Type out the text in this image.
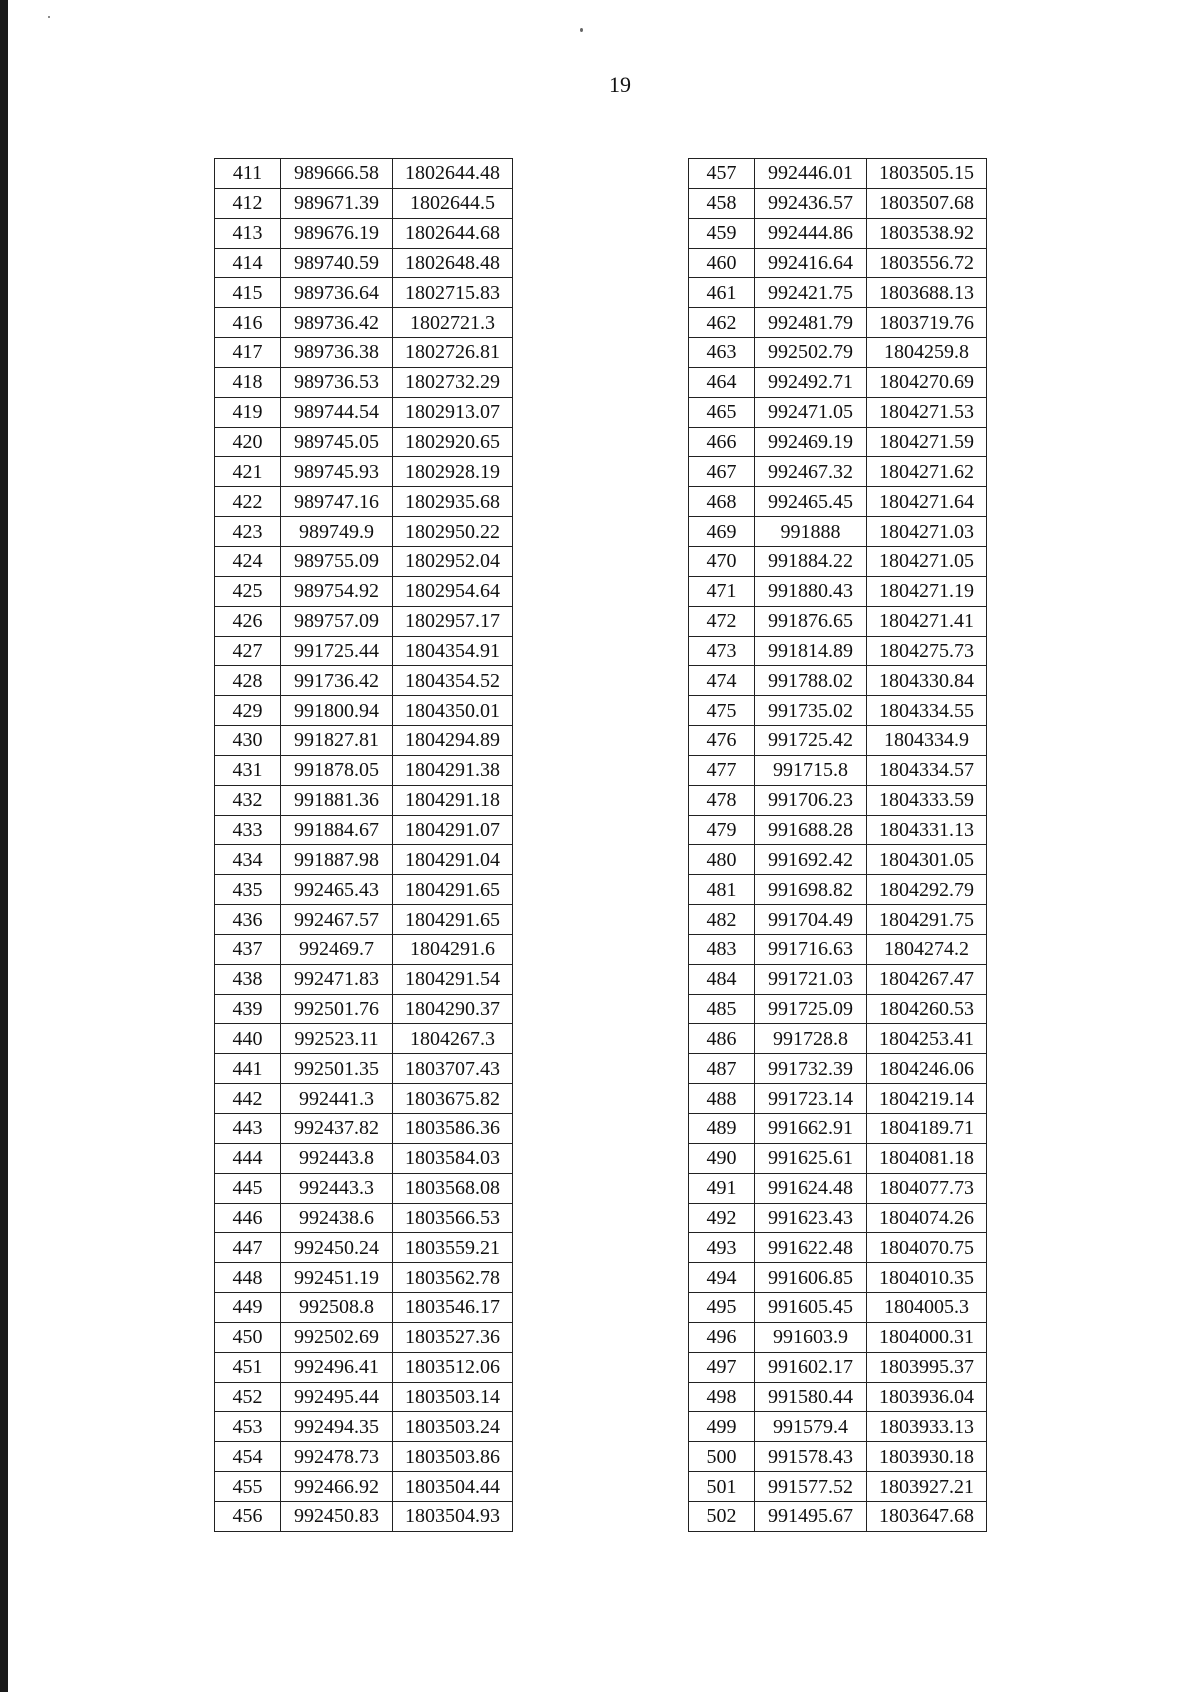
19
411	989666.58	1802644.48
412	989671.39	1802644.5
413	989676.19	1802644.68
414	989740.59	1802648.48
415	989736.64	1802715.83
416	989736.42	1802721.3
417	989736.38	1802726.81
418	989736.53	1802732.29
419	989744.54	1802913.07
420	989745.05	1802920.65
421	989745.93	1802928.19
422	989747.16	1802935.68
423	989749.9	1802950.22
424	989755.09	1802952.04
425	989754.92	1802954.64
426	989757.09	1802957.17
427	991725.44	1804354.91
428	991736.42	1804354.52
429	991800.94	1804350.01
430	991827.81	1804294.89
431	991878.05	1804291.38
432	991881.36	1804291.18
433	991884.67	1804291.07
434	991887.98	1804291.04
435	992465.43	1804291.65
436	992467.57	1804291.65
437	992469.7	1804291.6
438	992471.83	1804291.54
439	992501.76	1804290.37
440	992523.11	1804267.3
441	992501.35	1803707.43
442	992441.3	1803675.82
443	992437.82	1803586.36
444	992443.8	1803584.03
445	992443.3	1803568.08
446	992438.6	1803566.53
447	992450.24	1803559.21
448	992451.19	1803562.78
449	992508.8	1803546.17
450	992502.69	1803527.36
451	992496.41	1803512.06
452	992495.44	1803503.14
453	992494.35	1803503.24
454	992478.73	1803503.86
455	992466.92	1803504.44
456	992450.83	1803504.93
457	992446.01	1803505.15
458	992436.57	1803507.68
459	992444.86	1803538.92
460	992416.64	1803556.72
461	992421.75	1803688.13
462	992481.79	1803719.76
463	992502.79	1804259.8
464	992492.71	1804270.69
465	992471.05	1804271.53
466	992469.19	1804271.59
467	992467.32	1804271.62
468	992465.45	1804271.64
469	991888	1804271.03
470	991884.22	1804271.05
471	991880.43	1804271.19
472	991876.65	1804271.41
473	991814.89	1804275.73
474	991788.02	1804330.84
475	991735.02	1804334.55
476	991725.42	1804334.9
477	991715.8	1804334.57
478	991706.23	1804333.59
479	991688.28	1804331.13
480	991692.42	1804301.05
481	991698.82	1804292.79
482	991704.49	1804291.75
483	991716.63	1804274.2
484	991721.03	1804267.47
485	991725.09	1804260.53
486	991728.8	1804253.41
487	991732.39	1804246.06
488	991723.14	1804219.14
489	991662.91	1804189.71
490	991625.61	1804081.18
491	991624.48	1804077.73
492	991623.43	1804074.26
493	991622.48	1804070.75
494	991606.85	1804010.35
495	991605.45	1804005.3
496	991603.9	1804000.31
497	991602.17	1803995.37
498	991580.44	1803936.04
499	991579.4	1803933.13
500	991578.43	1803930.18
501	991577.52	1803927.21
502	991495.67	1803647.68
